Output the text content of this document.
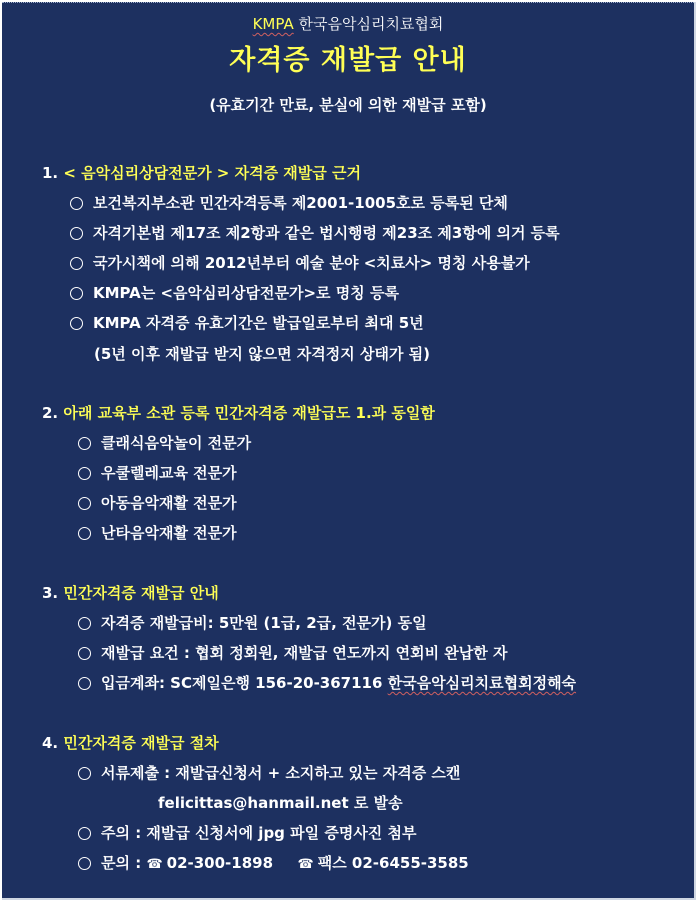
KMPA 한국음악심리치료협회
자격증 재발급 안내
(유효기간 만료, 분실에 의한 재발급 포함)
1. < 음악심리상담전문가 > 자격증 재발급 근거
보건복지부소관 민간자격등록 제2001-1005호로 등록된 단체
자격기본법 제17조 제2항과 같은 법시행령 제23조 제3항에 의거 등록
국가시책에 의해 2012년부터 예술 분야 <치료사> 명칭 사용불가
KMPA는 <음악심리상담전문가>로 명칭 등록
KMPA 자격증 유효기간은 발급일로부터 최대 5년
(5년 이후 재발급 받지 않으면 자격정지 상태가 됨)
2. 아래 교육부 소관 등록 민간자격증 재발급도 1.과 동일함
클래식음악놀이 전문가
우쿨렐레교육 전문가
아동음악재활 전문가
난타음악재활 전문가
3. 민간자격증 재발급 안내
자격증 재발급비: 5만원 (1급, 2급, 전문가) 동일
재발급 요건 : 협회 정회원, 재발급 연도까지 연회비 완납한 자
입금계좌: SC제일은행 156-20-367116 한국음악심리치료협회정해숙
4. 민간자격증 재발급 절차
서류제출 : 재발급신청서 + 소지하고 있는 자격증 스캔
felicittas@hanmail.net 로 발송
주의 : 재발급 신청서에 jpg 파일 증명사진 첨부
문의 : ☎ 02-300-1898 ☎ 팩스 02-6455-3585
